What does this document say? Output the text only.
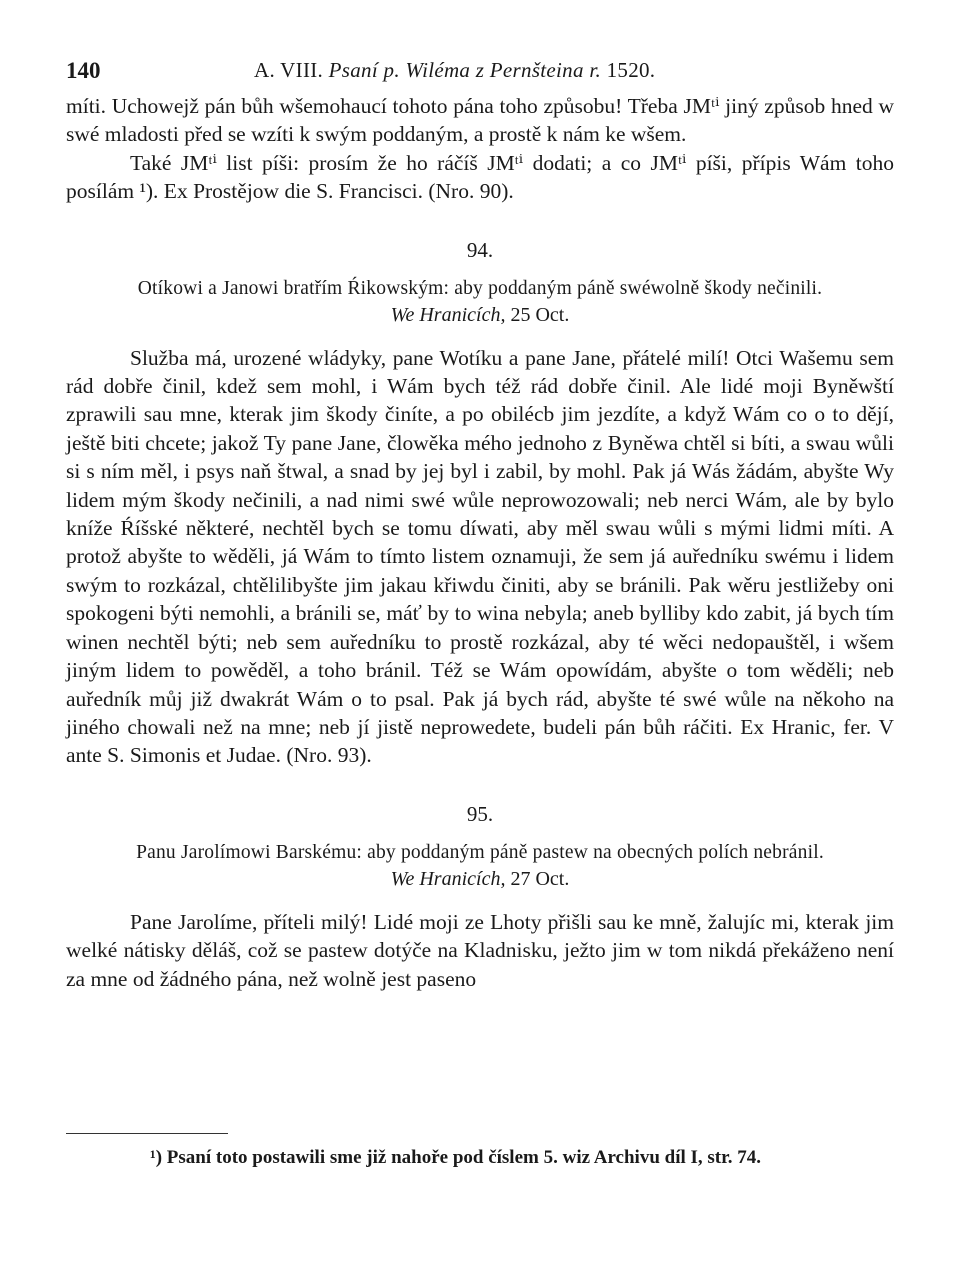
140	A. VIII. Psaní p. Wiléma z Pernšteina r. 1520.

míti. Uchowejž pán bůh wšemohaucí tohoto pána toho způsobu! Třeba JMᵗⁱ jiný způsob hned w swé mladosti před se wzíti k swým poddaným, a prostě k nám ke wšem.

Také JMᵗⁱ list píši: prosím že ho ráčíš JMᵗⁱ dodati; a co JMᵗⁱ píši, přípis Wám toho posílám ¹). Ex Prostějow die S. Francisci. (Nro. 90).

94.

Otíkowi a Janowi bratřím Ŕikowským: aby poddaným páně swéwolně škody nečinili.

We Hranicích, 25 Oct.

Služba má, urozené wládyky, pane Wotíku a pane Jane, přátelé milí! Otci Wašemu sem rád dobře činil, kdež sem mohl, i Wám bych též rád dobře činil. Ale lidé moji Byněwští zprawili sau mne, kterak jim škody činíte, a po obilécb jim jezdíte, a když Wám co o to dějí, ještě biti chcete; jakož Ty pane Jane, člowěka mého jednoho z Byněwa chtěl si bíti, a swau wůli si s ním měl, i psys naň štwal, a snad by jej byl i zabil, by mohl. Pak já Wás žádám, abyšte Wy lidem mým škody nečinili, a nad nimi swé wůle neprowozowali; neb nerci Wám, ale by bylo kníže Ŕíšské některé, nechtěl bych se tomu díwati, aby měl swau wůli s mými lidmi míti. A protož abyšte to wěděli, já Wám to tímto listem oznamuji, že sem já auředníku swému i lidem swým to rozkázal, chtělilibyšte jim jakau křiwdu činiti, aby se bránili. Pak wěru jestližeby oni spokogeni býti nemohli, a bránili se, máť by to wina nebyla; aneb bylliby kdo zabit, já bych tím winen nechtěl býti; neb sem auředníku to prostě rozkázal, aby té wěci nedopauštěl, i wšem jiným lidem to powěděl, a toho bránil. Též se Wám opowídám, abyšte o tom wěděli; neb auředník můj již dwakrát Wám o to psal. Pak já bych rád, abyšte té swé wůle na někoho na jiného chowali než na mne; neb jí jistě neprowedete, budeli pán bůh ráčiti. Ex Hranic, fer. V ante S. Simonis et Judae. (Nro. 93).

95.

Panu Jarolímowi Barskému: aby poddaným páně pastew na obecných polích nebránil.

We Hranicích, 27 Oct.

Pane Jarolíme, příteli milý! Lidé moji ze Lhoty přišli sau ke mně, žalujíc mi, kterak jim welké nátisky děláš, což se pastew dotýče na Kladnisku, ježto jim w tom nikdá překáženo není za mne od žádného pána, než wolně jest paseno

¹) Psaní toto postawili sme již nahoře pod číslem 5. wiz Archivu díl I, str. 74.
